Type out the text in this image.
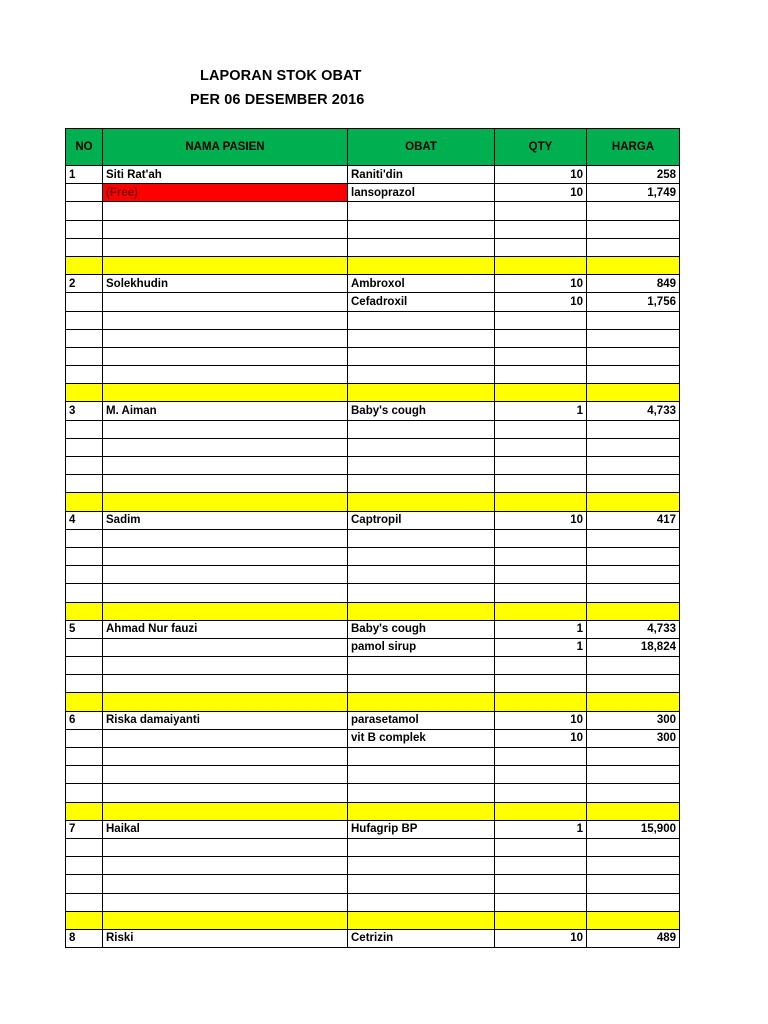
LAPORAN STOK OBAT
PER 06 DESEMBER 2016
NO	NAMA PASIEN	OBAT	QTY	HARGA
1	Siti Rat'ah	Raniti'din	10	258
	(Free)	lansoprazol	10	1,749

2	Solekhudin	Ambroxol	10	849
		Cefadroxil	10	1,756

3	M. Aiman	Baby's cough	1	4,733

4	Sadim	Captropil	10	417

5	Ahmad Nur fauzi	Baby's cough	1	4,733
		pamol sirup	1	18,824

6	Riska damaiyanti	parasetamol	10	300
		vit B complek	10	300

7	Haikal	Hufagrip BP	1	15,900

8	Riski	Cetrizin	10	489
